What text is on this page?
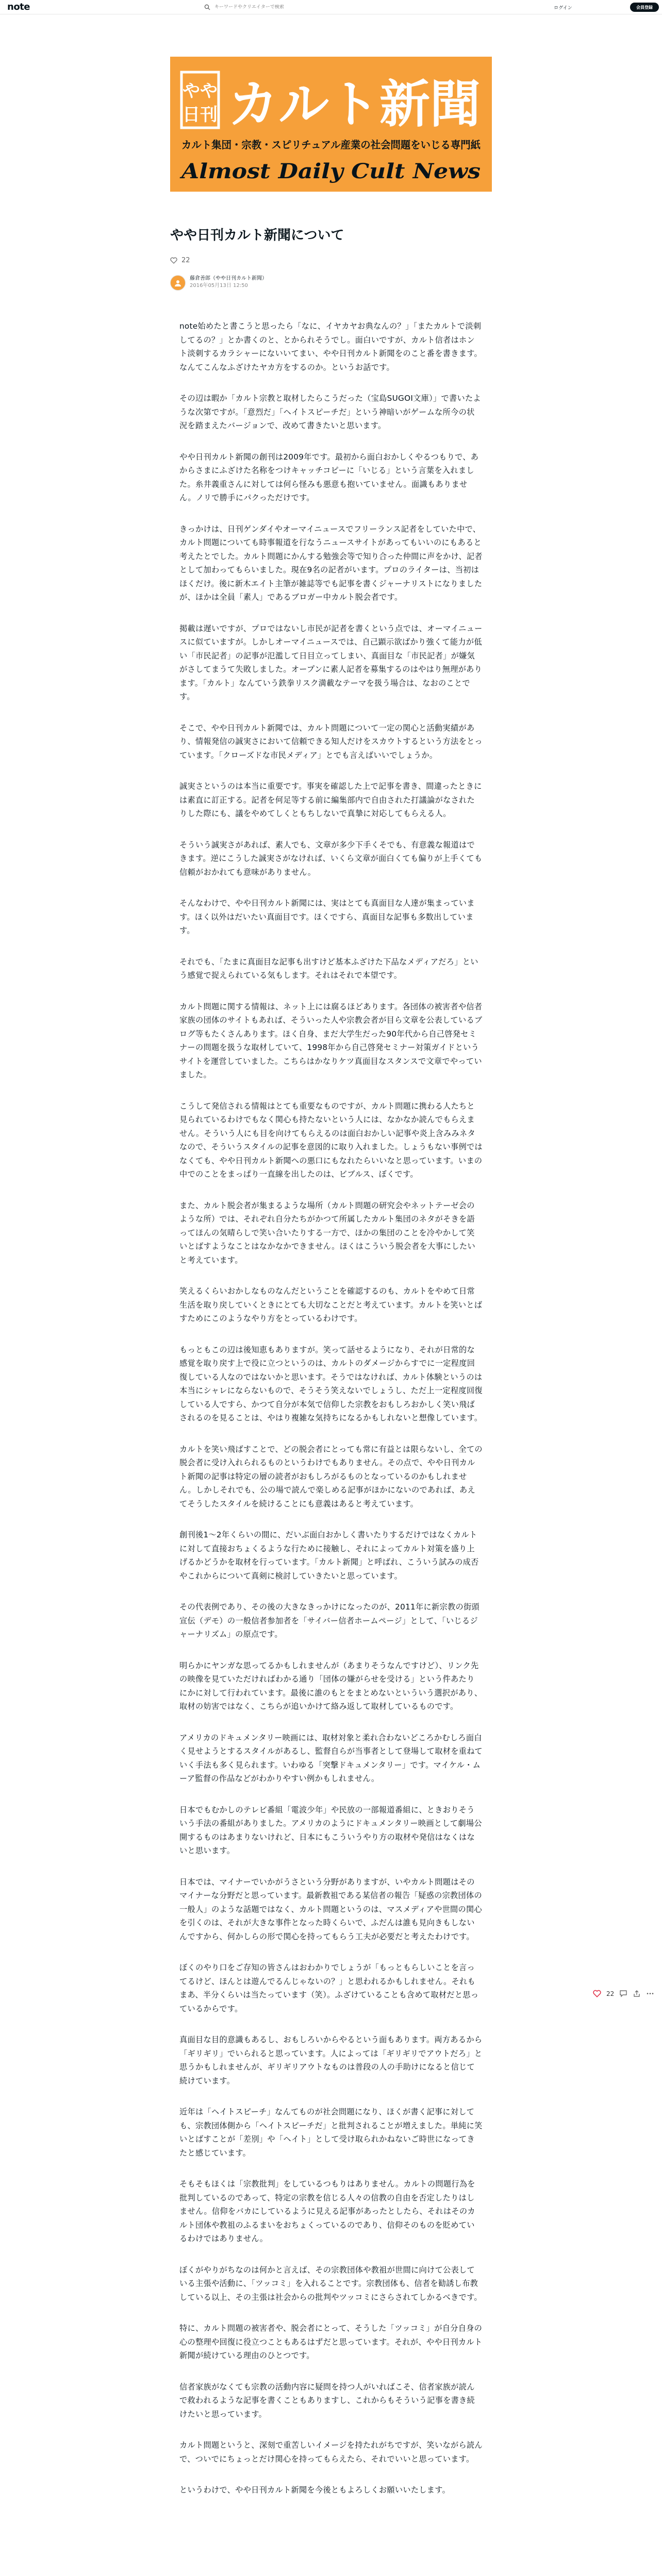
note
キーワードやクリエイターで検索	ログイン	会員登録
やや
日刊 カルト新聞
カルト集団・宗教・スピリチュアル産業の社会問題をいじる専門紙
Almost Daily Cult News
やや日刊カルト新聞について
22
藤倉善郎（やや日刊カルト新聞）
2016年05月13日 12:50

note始めたと書こうと思ったら「なに、イヤカヤお典なんの？」「またカルトで淡刺してるの？」とか書くのと、とかられそうでし。面白いですが、カルト信者はホント淡刺するカラシャーにないいてまい、やや日刊カルト新聞をのこと番を書きます。なんてこんなふざけたヤカ方をするのか。というお話です。

その辺は暇か「カルト宗教と取材したらこうだった（宝島SUGOI文庫）」で書いたような次第ですが。「意烈だ」「ヘイトスピーチだ」という神暗いがゲームな所今の状況を踏まえたバージョンで、改めて書きたいと思います。

やや日刊カルト新聞の創刊は2009年です。最初から面白おかしくやるつもりで、あからさまにふざけた名称をつけキャッチコピーに「いじる」という言葉を入れました。糸井義重さんに対しては何ら怪みも悪意も抱いていません。面識もありません。ノリで勝手にパクっただけです。

きっかけは、日刊ゲンダイやオーマイニュースでフリーランス記者をしていた中で、カルト問題についても時事報道を行なうニュースサイトがあってもいいのにもあると考えたとでした。カルト問題にかんする勉強会等で知り合った仲間に声をかけ、記者として加わってもらいました。現在9名の記者がいます。プロのライターは、当初はほくだけ。後に新木エイト主筆が雑誌等でも記事を書くジャーナリストになりましたが、ほかは全員「素人」であるブロガー中カルト脱会者です。

掲載は遅いですが、プロではないし市民が記者を書くという点では、オーマイニュースに似ていますが。しかしオーマイニュースでは、自己顕示欲ばかり強くて能力が低い「市民記者」の記事が氾濫して日目立ってしまい、真面目な「市民記者」が嫌気がさしてまうて失敗しました。オープンに素人記者を募集するのはやはり無理があります。「カルト」なんていう鉄拳リスク満載なテーマを扱う場合は、なおのことです。

そこで、やや日刊カルト新聞では、カルト問題について一定の関心と活動実績があり、情報発信の誠実さにおいて信頼できる知人だけをスカウトするという方法をとっています。「クローズドな市民メディア」とでも言えばいいでしょうか。

誠実さというのは本当に重要です。事実を確認した上で記事を書き、間違ったときには素直に訂正する。記者を何足等する前に編集部内で自由された打議論がなされたりした際にも、議をやめてしくともちしないで真摯に対応してもらえる人。

そういう誠実さがあれば、素人でも、文章が多少下手くそでも、有意義な報道はできます。逆にこうした誠実さがなければ、いくら文章が面白くても偏りが上手くても信頼がおかれても意味がありません。

そんなわけで、やや日刊カルト新聞には、実はとても真面目な人達が集まっています。ほく以外はだいたい真面目です。ほくですら、真面目な記事も多数出しています。

それでも、「たまに真面目な記事も出すけど基本ふざけた下品なメディアだろ」という感覚で捉えられている気もします。それはそれで本望です。

カルト問題に関する情報は、ネット上には腐るほどあります。各団体の被害者や信者家族の団体のサイトもあれば、そういった人や宗教会者が目ら文章を公表しているブログ等もたくさんあります。ほく自身、まだ大学生だった90年代から自己啓発セミナーの問題を扱うな取材していて、1998年から自己啓発セミナー対策ガイドというサイトを運営していました。こちらはかなりケツ真面目なスタンスで文章でやっていました。

こうして発信される情報はとても重要なものですが、カルト問題に携わる人たちと見られているわけでもなく関心も持たないという人には、なかなか読んでもらえません。そういう人にも目を向けてもらえるのは面白おかしい記事や炎上含みみネタなので、そういうスタイルの記事を意図的に取り入れました。しょうもない事例ではなくても、やや日刊カルト新聞への悪口にもなれたらいいなと思っています。いまの中でのことをまっぱり一直線を出したのは、ビブルス、ぼくです。

また、カルト脱会者が集まるような場所（カルト問題の研究会やネットテーゼ会のような所）では、それぞれ自分たちがかつて所属したカルト集団のネタがそきを語ってほんの気晴らしで笑い合いたりする一方で、ほかの集団のことを冷やかして笑いとばすようなことはなかなかできません。ほくはこういう脱会者を大事にしたいと考えています。

笑えるくらいおかしなものなんだということを確認するのも、カルトをやめて日常生活を取り戻していくときにとても大切なことだと考えています。カルトを笑いとばすためにこのようなやり方をとっているわけです。

もっともこの辺は後知恵もありますが。笑って話せるようになり、それが日常的な感覚を取り戻す上で役に立つというのは、カルトのダメージからすでに一定程度回復している人なのではないかと思います。そうではなければ、カルト体験というのは本当にシャレにならないもので、そうそう笑えないでしょうし、ただ上一定程度回復している人ですら、かつて自分が本気で信仰した宗教をおもしろおかしく笑い飛ばされるのを見ることは、やはり複雑な気持ちになるかもしれないと想像しています。

カルトを笑い飛ばすことで、どの脱会者にとっても常に有益とは限らないし、全ての脱会者に受け入れられるものというわけでもありません。その点で、やや日刊カルト新聞の記事は特定の層の読者がおもしろがるものとなっているのかもしれません。しかしそれでも、公の場で読んで楽しめる記事がほかにないのであれば、あえてそうしたスタイルを続けることにも意義はあると考えています。

創刊後1〜2年くらいの間に、だいぶ面白おかしく書いたりするだけではなくカルトに対して直接おちょくるような行ために接触し、それによってカルト対策を盛り上げるかどうかを取材を行っています。「カルト新聞」と呼ばれ、こういう試みの成否やこれからについて真剣に検討していきたいと思っています。

その代表例であり、その後の大きなきっかけになったのが、2011年に新宗教の街頭宣伝（デモ）の一般信者参加者を「サイバー信者ホームページ」として、「いじるジャーナリズム」の原点です。

明らかにヤンガな思ってるかもしれませんが（あまりそうなんですけど）、リンク先の映像を見ていただければわかる通り「団体の嫌がらせを受ける」という件あたりにかに対して行われています。最後に誰のもとをまとめないといういう選択があり、取材の妨害ではなく、こちらが追いかけて絡み返して取材しているものです。

アメリカのドキュメンタリー映画には、取材対象と柔れ合わないどころかむしろ面白く見せようとするスタイルがあるし、監督自らが当事者として登場して取材を重ねていく手法も多く見られます。いわゆる「突撃ドキュメンタリー」です。マイケル・ムーア監督の作品などがわかりやすい例かもしれません。

日本でもむかしのテレビ番組「電波少年」や民放の一部報道番組に、ときおりそういう手法の番組がありました。アメリカのようにドキュメンタリー映画として劇場公開するものはあまりないけれど、日本にもこういうやり方の取材や発信はなくはないと思います。

日本では、マイナーでいかがうさという分野がありますが、いやカルト問題はそのマイナーな分野だと思っています。最新教祖である某信者の報告「疑惑の宗教団体の一般人」のような話題ではなく、カルト問題というのは、マスメディアや世間の関心を引くのは、それが大きな事件となった時くらいで、ふだんは誰も見向きもしないんですから、何かしらの形で関心を持ってもらう工夫が必要だと考えたわけです。

ぼくのやり口をご存知の皆さんはおわかりでしょうが「もっともらしいことを言ってるけど、ほんとは遊んでるんじゃないの？」と思われるかもしれません。それもまあ、半分くらいは当たっています（笑）。ふざけていることも含めて取材だと思っているからです。

真面目な目的意識もあるし、おもしろいからやるという面もあります。両方あるから「ギリギリ」でいられると思っています。人によっては「ギリギリでアウトだろ」と思うかもしれませんが、ギリギリアウトなものは普段の人の手助けになると信じて続けています。

近年は「ヘイトスピーチ」なんてものが社会問題になり、ほくが書く記事に対しても、宗教団体側から「ヘイトスピーチだ」と批判されることが増えました。単純に笑いとばすことが「差別」や「ヘイト」として受け取られかねないご時世になってきたと感じています。

そもそもほくは「宗教批判」をしているつもりはありません。カルトの問題行為を批判しているのであって、特定の宗教を信じる人々の信教の自由を否定したりはしません。信仰をバカにしているように見える記事があったとしたら、それはそのカルト団体や教祖のふるまいをおちょくっているのであり、信仰そのものを貶めているわけではありません。

ぼくがやりがちなのは何かと言えば、その宗教団体や教祖が世間に向けて公表している主張や活動に、「ツッコミ」を入れることです。宗教団体も、信者を勧誘し布教している以上、その主張は社会からの批判やツッコミにさらされてしかるべきです。

特に、カルト問題の被害者や、脱会者にとって、そうした「ツッコミ」が自分自身の心の整理や回復に役立つこともあるはずだと思っています。それが、やや日刊カルト新聞が続けている理由のひとつです。

信者家族がなくても宗教の活動内容に疑問を持つ人がいればこそ、信者家族が読んで救われるような記事を書くこともありますし、これからもそういう記事を書き続けたいと思っています。

カルト問題というと、深刻で重苦しいイメージを持たれがちですが、笑いながら読んで、ついでにちょっとだけ関心を持ってもらえたら、それでいいと思っています。

というわけで、やや日刊カルト新聞を今後ともよろしくお願いいたします。

22
